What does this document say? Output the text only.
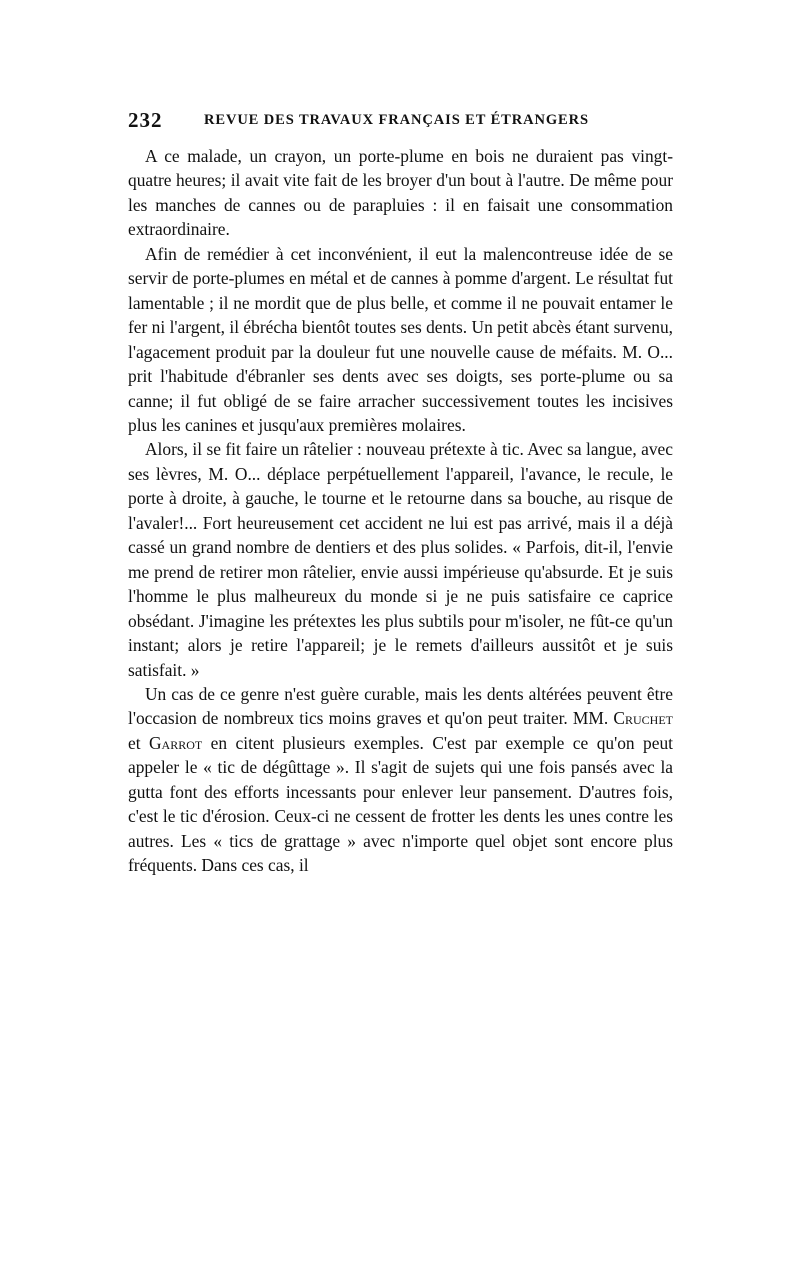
232	REVUE DES TRAVAUX FRANÇAIS ET ÉTRANGERS

A ce malade, un crayon, un porte-plume en bois ne duraient pas vingt-quatre heures; il avait vite fait de les broyer d'un bout à l'autre. De même pour les manches de cannes ou de parapluies : il en faisait une consommation extraordinaire.

Afin de remédier à cet inconvénient, il eut la malencontreuse idée de se servir de porte-plumes en métal et de cannes à pomme d'argent. Le résultat fut lamentable ; il ne mordit que de plus belle, et comme il ne pouvait entamer le fer ni l'argent, il ébrécha bientôt toutes ses dents. Un petit abcès étant survenu, l'agacement produit par la douleur fut une nouvelle cause de méfaits. M. O... prit l'habitude d'ébranler ses dents avec ses doigts, ses porte-plume ou sa canne; il fut obligé de se faire arracher successivement toutes les incisives plus les canines et jusqu'aux premières molaires.

Alors, il se fit faire un râtelier : nouveau prétexte à tic. Avec sa langue, avec ses lèvres, M. O... déplace perpétuellement l'appareil, l'avance, le recule, le porte à droite, à gauche, le tourne et le retourne dans sa bouche, au risque de l'avaler!... Fort heureusement cet accident ne lui est pas arrivé, mais il a déjà cassé un grand nombre de dentiers et des plus solides. « Parfois, dit-il, l'envie me prend de retirer mon râtelier, envie aussi impérieuse qu'absurde. Et je suis l'homme le plus malheureux du monde si je ne puis satisfaire ce caprice obsédant. J'imagine les prétextes les plus subtils pour m'isoler, ne fût-ce qu'un instant; alors je retire l'appareil; je le remets d'ailleurs aussitôt et je suis satisfait. »

Un cas de ce genre n'est guère curable, mais les dents altérées peuvent être l'occasion de nombreux tics moins graves et qu'on peut traiter. MM. Cruchet et Garrot en citent plusieurs exemples. C'est par exemple ce qu'on peut appeler le « tic de dégûttage ». Il s'agit de sujets qui une fois pansés avec la gutta font des efforts incessants pour enlever leur pansement. D'autres fois, c'est le tic d'érosion. Ceux-ci ne cessent de frotter les dents les unes contre les autres. Les « tics de grattage » avec n'importe quel objet sont encore plus fréquents. Dans ces cas, il
